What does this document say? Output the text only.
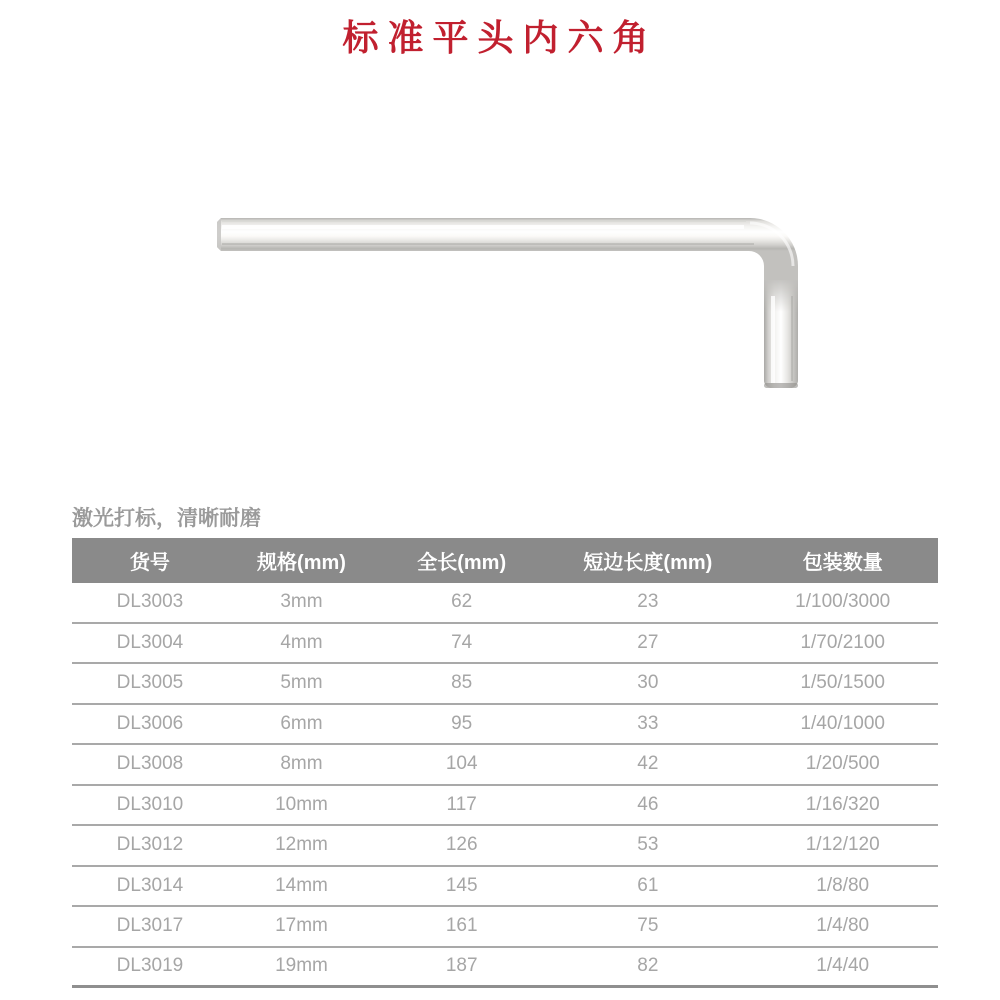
标准平头内六角
激光打标，清晰耐磨
货号	规格(mm)	全长(mm)	短边长度(mm)	包装数量
DL3003	3mm	62	23	1/100/3000
DL3004	4mm	74	27	1/70/2100
DL3005	5mm	85	30	1/50/1500
DL3006	6mm	95	33	1/40/1000
DL3008	8mm	104	42	1/20/500
DL3010	10mm	117	46	1/16/320
DL3012	12mm	126	53	1/12/120
DL3014	14mm	145	61	1/8/80
DL3017	17mm	161	75	1/4/80
DL3019	19mm	187	82	1/4/40
